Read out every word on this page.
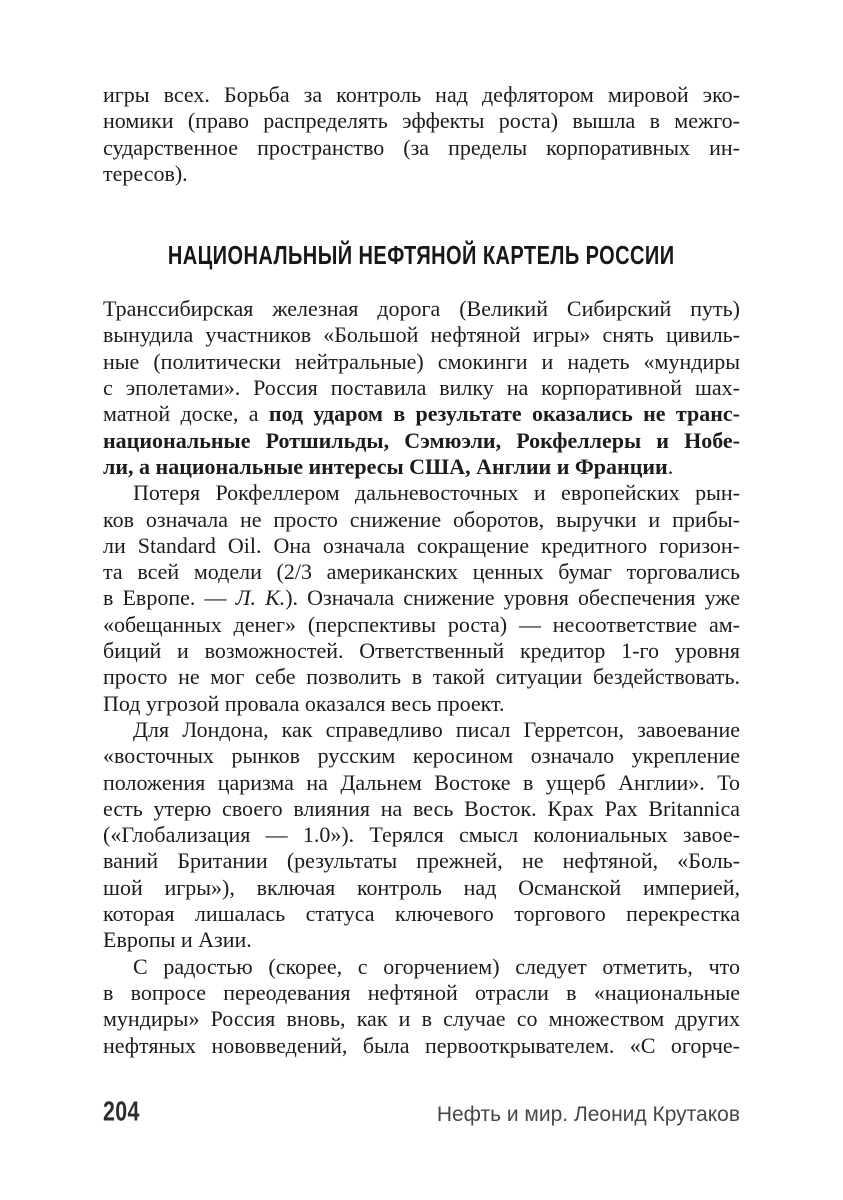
игры всех. Борьба за контроль над дефлятором мировой эко-
номики (право распределять эффекты роста) вышла в межго-
сударственное пространство (за пределы корпоративных ин-
тересов).
НАЦИОНАЛЬНЫЙ НЕФТЯНОЙ КАРТЕЛЬ РОССИИ
Транссибирская железная дорога (Великий Сибирский путь)
вынудила участников «Большой нефтяной игры» снять цивиль-
ные (политически нейтральные) смокинги и надеть «мундиры
с эполетами». Россия поставила вилку на корпоративной шах-
матной доске, а под ударом в результате оказались не транс-
национальные Ротшильды, Сэмюэли, Рокфеллеры и Нобе-
ли, а национальные интересы США, Англии и Франции.
Потеря Рокфеллером дальневосточных и европейских рын-
ков означала не просто снижение оборотов, выручки и прибы-
ли Standard Oil. Она означала сокращение кредитного горизон-
та всей модели (2/3 американских ценных бумаг торговались
в Европе. — Л. К.). Означала снижение уровня обеспечения уже
«обещанных денег» (перспективы роста) — несоответствие ам-
биций и возможностей. Ответственный кредитор 1-го уровня
просто не мог себе позволить в такой ситуации бездействовать.
Под угрозой провала оказался весь проект.
Для Лондона, как справедливо писал Герретсон, завоевание
«восточных рынков русским керосином означало укрепление
положения царизма на Дальнем Востоке в ущерб Англии». То
есть утерю своего влияния на весь Восток. Крах Pax Britannica
(«Глобализация — 1.0»). Терялся смысл колониальных завое-
ваний Британии (результаты прежней, не нефтяной, «Боль-
шой игры»), включая контроль над Османской империей,
которая лишалась статуса ключевого торгового перекрестка
Европы и Азии.
С радостью (скорее, с огорчением) следует отметить, что
в вопросе переодевания нефтяной отрасли в «национальные
мундиры» Россия вновь, как и в случае со множеством других
нефтяных нововведений, была первооткрывателем. «С огорче-
204	Нефть и мир. Леонид Крутаков
